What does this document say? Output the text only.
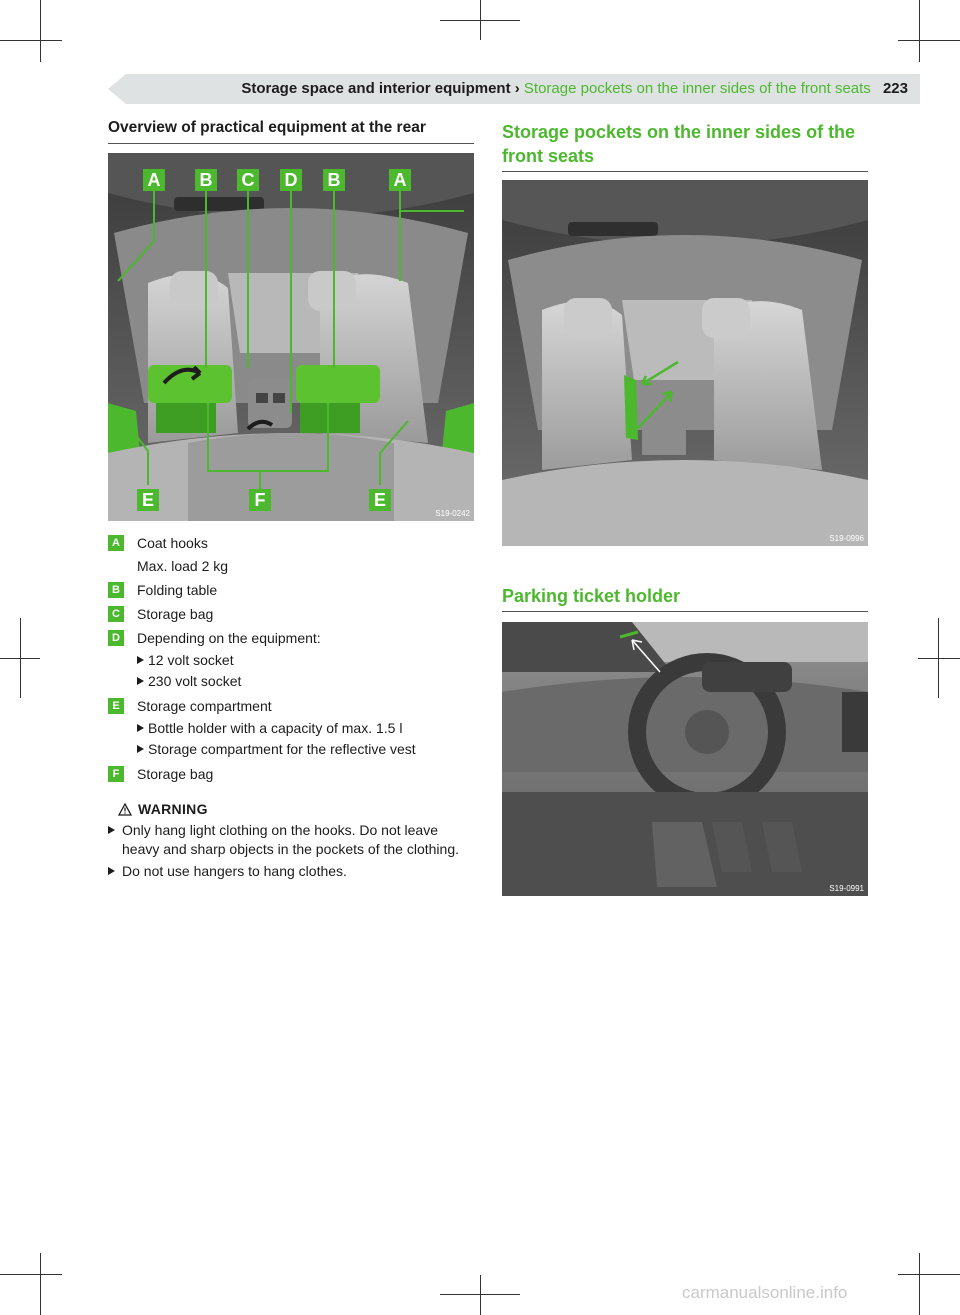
Storage space and interior equipment › Storage pockets on the inner sides of the front seats 223
Overview of practical equipment at the rear
A B C D B	A
E	F	E
S19-0242
A	Coat hooks
Max. load 2 kg
B	Folding table
C	Storage bag
D	Depending on the equipment:
12 volt socket
230 volt socket
E	Storage compartment
Bottle holder with a capacity of max. 1.5 l
Storage compartment for the reflective vest
F	Storage bag
WARNING
Only hang light clothing on the hooks. Do not leave heavy and sharp objects in the pockets of the clothing.
Do not use hangers to hang clothes.
Storage pockets on the inner sides of the front seats
S19-0996
Parking ticket holder
S19-0991
carmanualsonline.info
